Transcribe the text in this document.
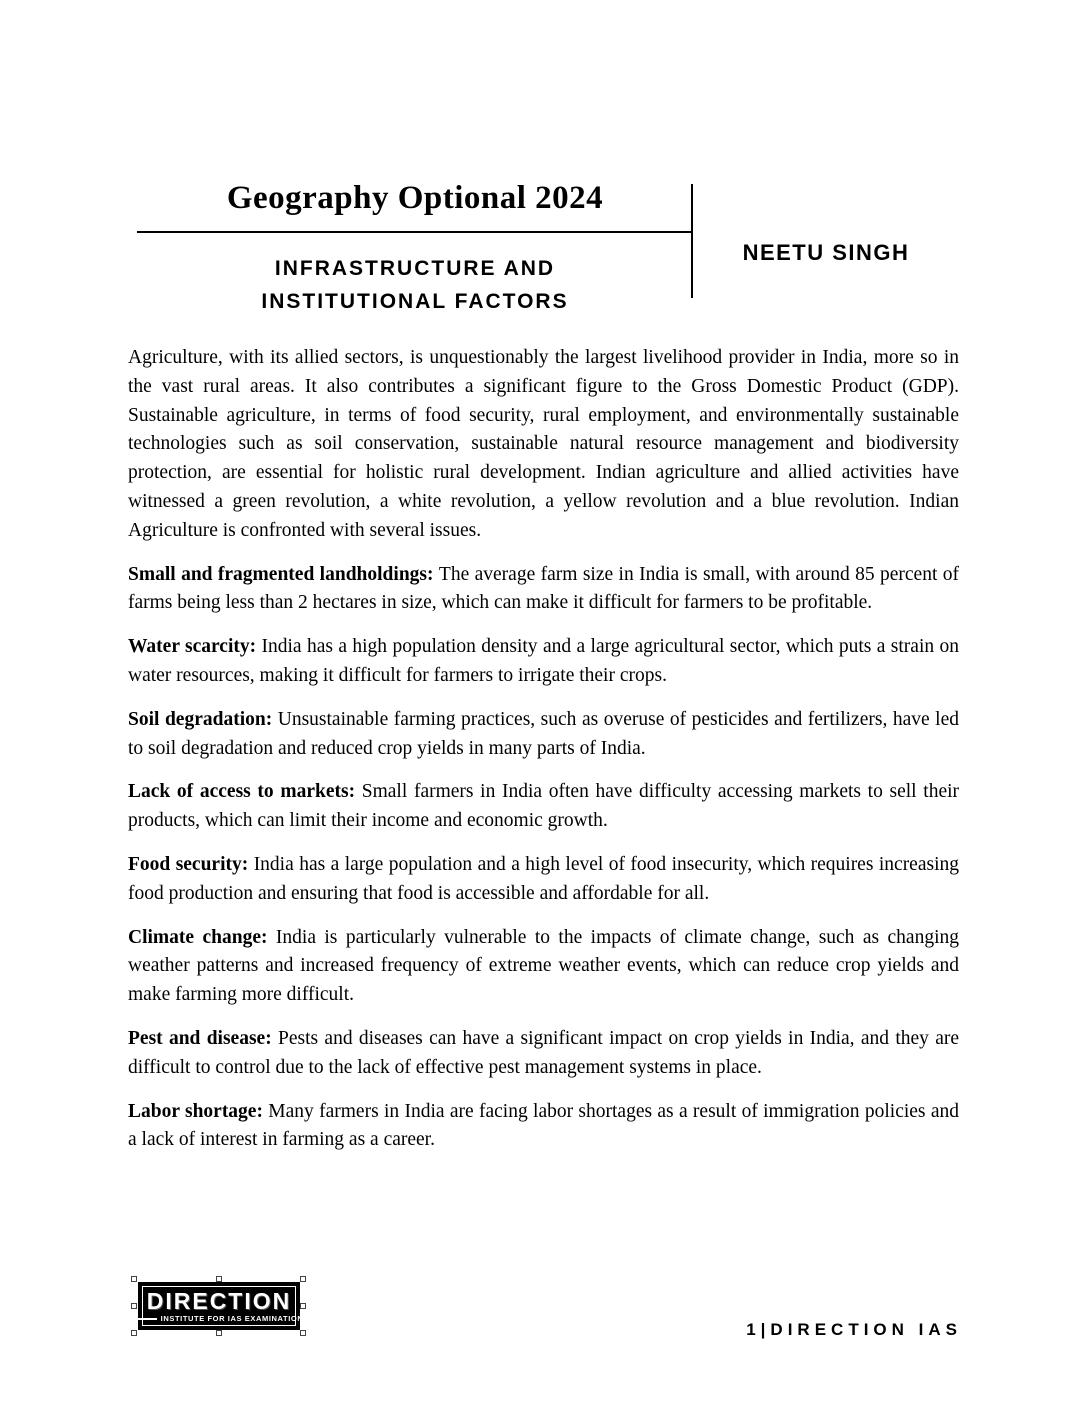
Geography Optional 2024
INFRASTRUCTURE AND
INSTITUTIONAL FACTORS
NEETU SINGH

Agriculture, with its allied sectors, is unquestionably the largest livelihood provider in India, more so in the vast rural areas. It also contributes a significant figure to the Gross Domestic Product (GDP). Sustainable agriculture, in terms of food security, rural employment, and environmentally sustainable technologies such as soil conservation, sustainable natural resource management and biodiversity protection, are essential for holistic rural development. Indian agriculture and allied activities have witnessed a green revolution, a white revolution, a yellow revolution and a blue revolution. Indian Agriculture is confronted with several issues.

Small and fragmented landholdings: The average farm size in India is small, with around 85 percent of farms being less than 2 hectares in size, which can make it difficult for farmers to be profitable.

Water scarcity: India has a high population density and a large agricultural sector, which puts a strain on water resources, making it difficult for farmers to irrigate their crops.

Soil degradation: Unsustainable farming practices, such as overuse of pesticides and fertilizers, have led to soil degradation and reduced crop yields in many parts of India.

Lack of access to markets: Small farmers in India often have difficulty accessing markets to sell their products, which can limit their income and economic growth.

Food security: India has a large population and a high level of food insecurity, which requires increasing food production and ensuring that food is accessible and affordable for all.

Climate change: India is particularly vulnerable to the impacts of climate change, such as changing weather patterns and increased frequency of extreme weather events, which can reduce crop yields and make farming more difficult.

Pest and disease: Pests and diseases can have a significant impact on crop yields in India, and they are difficult to control due to the lack of effective pest management systems in place.

Labor shortage: Many farmers in India are facing labor shortages as a result of immigration policies and a lack of interest in farming as a career.

DIRECTION
INSTITUTE FOR IAS EXAMINATION
1|DIRECTION IAS
